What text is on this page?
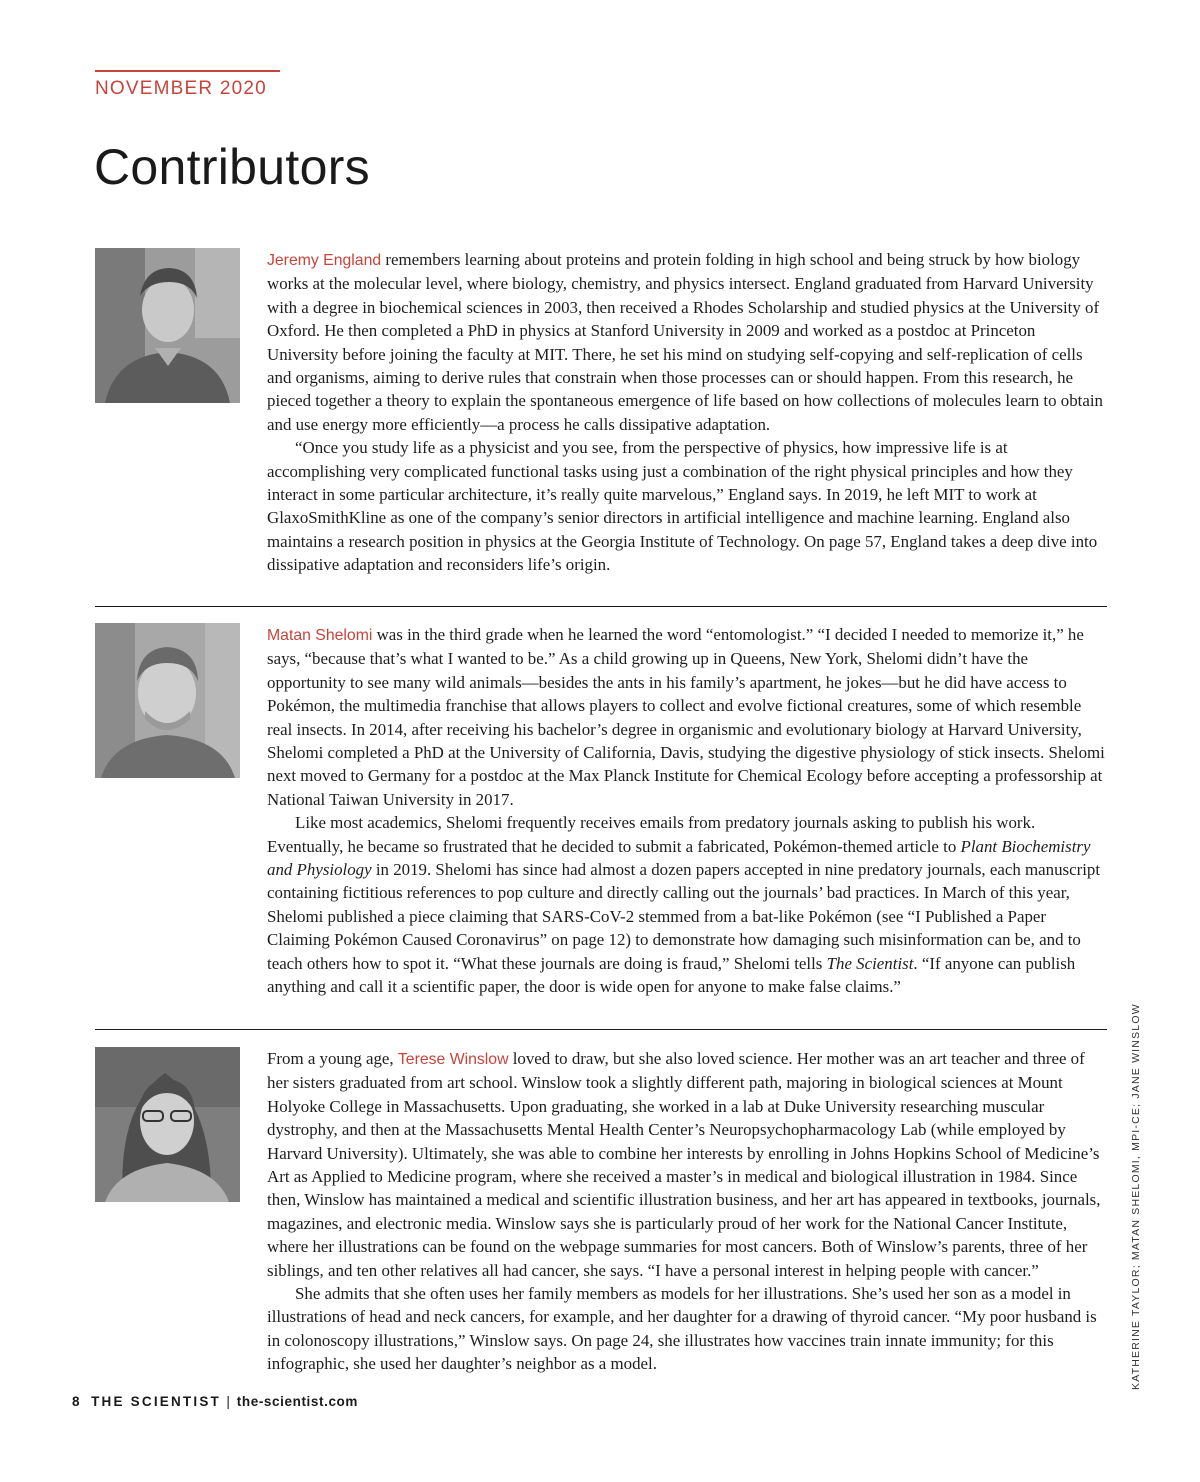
NOVEMBER 2020
Contributors

Jeremy England remembers learning about proteins and protein folding in high school and being struck by how biology works at the molecular level, where biology, chemistry, and physics intersect. England graduated from Harvard University with a degree in biochemical sciences in 2003, then received a Rhodes Scholarship and studied physics at the University of Oxford. He then completed a PhD in physics at Stanford University in 2009 and worked as a postdoc at Princeton University before joining the faculty at MIT. There, he set his mind on studying self-copying and self-replication of cells and organisms, aiming to derive rules that constrain when those processes can or should happen. From this research, he pieced together a theory to explain the spontaneous emergence of life based on how collections of molecules learn to obtain and use energy more efficiently—a process he calls dissipative adaptation.

“Once you study life as a physicist and you see, from the perspective of physics, how impressive life is at accomplishing very complicated functional tasks using just a combination of the right physical principles and how they interact in some particular architecture, it’s really quite marvelous,” England says. In 2019, he left MIT to work at GlaxoSmithKline as one of the company’s senior directors in artificial intelligence and machine learning. England also maintains a research position in physics at the Georgia Institute of Technology. On page 57, England takes a deep dive into dissipative adaptation and reconsiders life’s origin.

Matan Shelomi was in the third grade when he learned the word “entomologist.” “I decided I needed to memorize it,” he says, “because that’s what I wanted to be.” As a child growing up in Queens, New York, Shelomi didn’t have the opportunity to see many wild animals—besides the ants in his family’s apartment, he jokes—but he did have access to Pokémon, the multimedia franchise that allows players to collect and evolve fictional creatures, some of which resemble real insects. In 2014, after receiving his bachelor’s degree in organismic and evolutionary biology at Harvard University, Shelomi completed a PhD at the University of California, Davis, studying the digestive physiology of stick insects. Shelomi next moved to Germany for a postdoc at the Max Planck Institute for Chemical Ecology before accepting a professorship at National Taiwan University in 2017.

Like most academics, Shelomi frequently receives emails from predatory journals asking to publish his work. Eventually, he became so frustrated that he decided to submit a fabricated, Pokémon-themed article to Plant Biochemistry and Physiology in 2019. Shelomi has since had almost a dozen papers accepted in nine predatory journals, each manuscript containing fictitious references to pop culture and directly calling out the journals’ bad practices. In March of this year, Shelomi published a piece claiming that SARS-CoV-2 stemmed from a bat-like Pokémon (see “I Published a Paper Claiming Pokémon Caused Coronavirus” on page 12) to demonstrate how damaging such misinformation can be, and to teach others how to spot it. “What these journals are doing is fraud,” Shelomi tells The Scientist. “If anyone can publish anything and call it a scientific paper, the door is wide open for anyone to make false claims.”

From a young age, Terese Winslow loved to draw, but she also loved science. Her mother was an art teacher and three of her sisters graduated from art school. Winslow took a slightly different path, majoring in biological sciences at Mount Holyoke College in Massachusetts. Upon graduating, she worked in a lab at Duke University researching muscular dystrophy, and then at the Massachusetts Mental Health Center’s Neuropsychopharmacology Lab (while employed by Harvard University). Ultimately, she was able to combine her interests by enrolling in Johns Hopkins School of Medicine’s Art as Applied to Medicine program, where she received a master’s in medical and biological illustration in 1984. Since then, Winslow has maintained a medical and scientific illustration business, and her art has appeared in textbooks, journals, magazines, and electronic media. Winslow says she is particularly proud of her work for the National Cancer Institute, where her illustrations can be found on the webpage summaries for most cancers. Both of Winslow’s parents, three of her siblings, and ten other relatives all had cancer, she says. “I have a personal interest in helping people with cancer.”

She admits that she often uses her family members as models for her illustrations. She’s used her son as a model in illustrations of head and neck cancers, for example, and her daughter for a drawing of thyroid cancer. “My poor husband is in colonoscopy illustrations,” Winslow says. On page 24, she illustrates how vaccines train innate immunity; for this infographic, she used her daughter’s neighbor as a model.

8 THE SCIENTIST | the-scientist.com
KATHERINE TAYLOR; MATAN SHELOMI, MPI-CE; JANE WINSLOW
